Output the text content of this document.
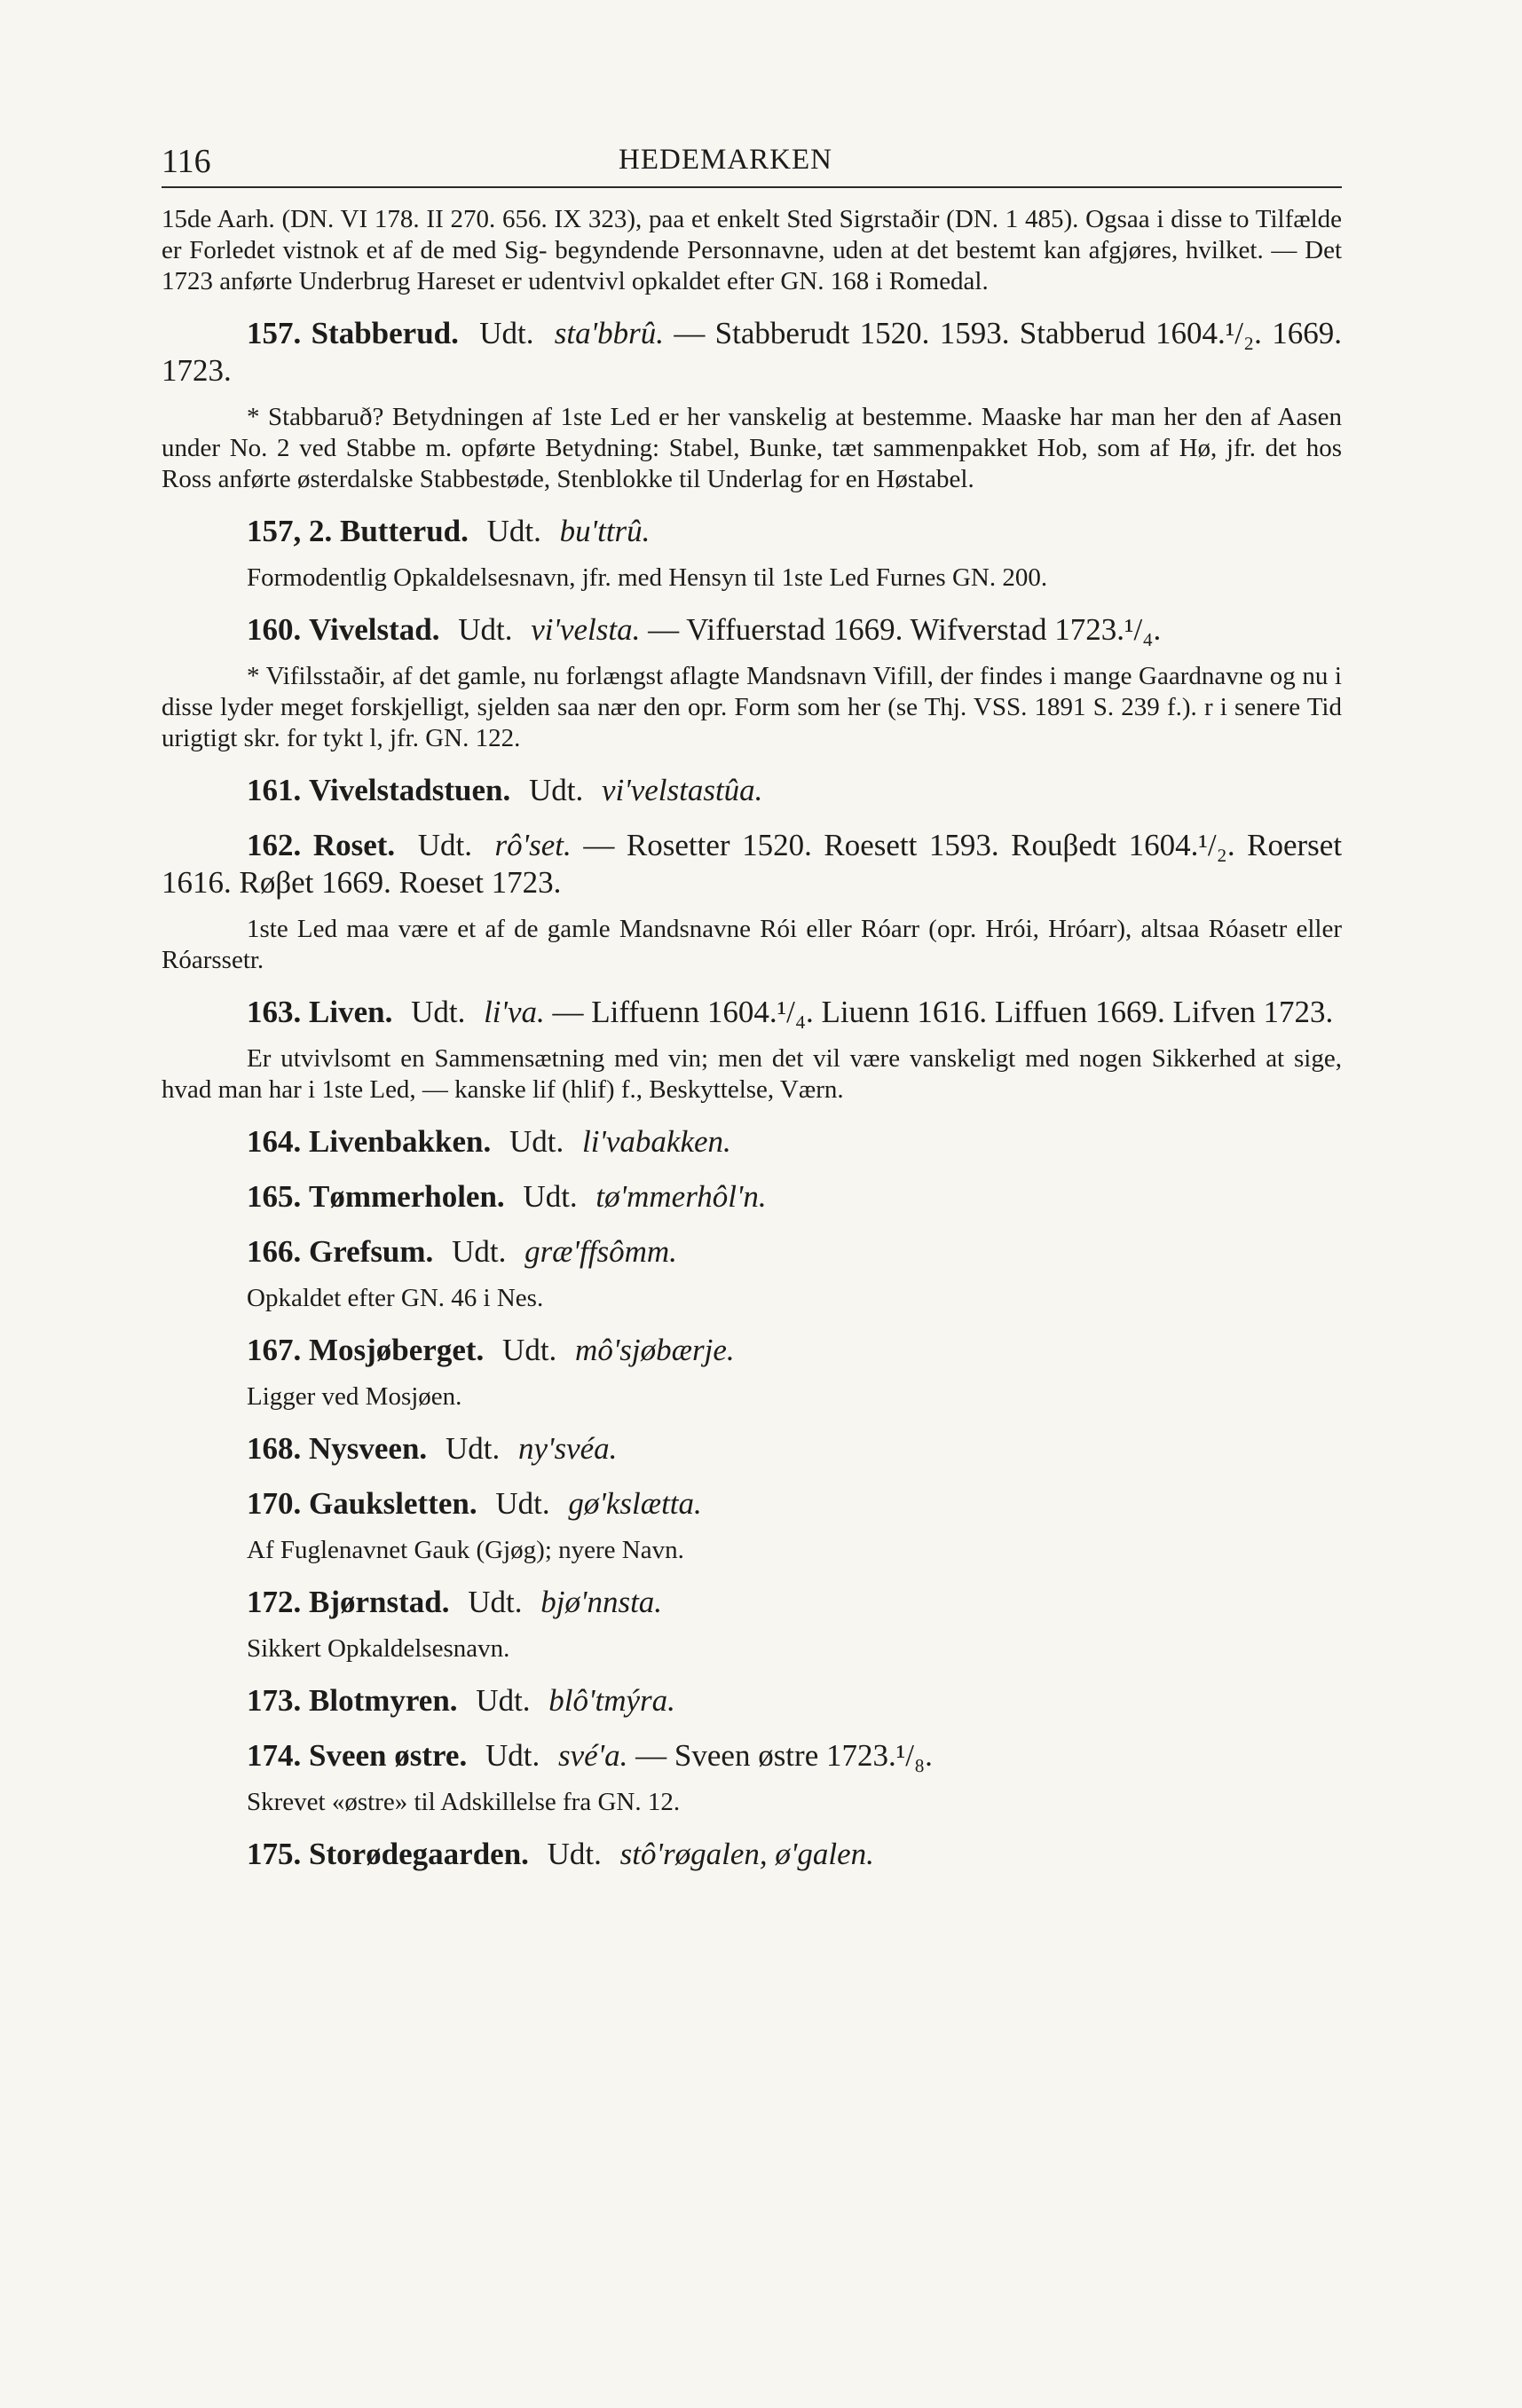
116	HEDEMARKEN

15de Aarh. (DN. VI 178. II 270. 656. IX 323), paa et enkelt Sted Sigrstaðir (DN. 1 485). Ogsaa i disse to Tilfælde er Forledet vistnok et af de med Sig- begyndende Personnavne, uden at det bestemt kan afgjøres, hvilket. — Det 1723 anførte Underbrug Hareset er udentvivl opkaldet efter GN. 168 i Romedal.

157. Stabberud. Udt. sta'bbrû. — Stabberudt 1520. 1593. Stabberud 1604.¹/₂. 1669. 1723.

* Stabbaruð? Betydningen af 1ste Led er her vanskelig at bestemme. Maaske har man her den af Aasen under No. 2 ved Stabbe m. opførte Betydning: Stabel, Bunke, tæt sammenpakket Hob, som af Hø, jfr. det hos Ross anførte østerdalske Stabbestøde, Stenblokke til Underlag for en Høstabel.

157, 2. Butterud. Udt. bu'ttrû.

Formodentlig Opkaldelsesnavn, jfr. med Hensyn til 1ste Led Furnes GN. 200.

160. Vivelstad. Udt. vi'velsta. — Viffuerstad 1669. Wifverstad 1723.¹/₄.

* Vifilsstaðir, af det gamle, nu forlængst aflagte Mandsnavn Vifill, der findes i mange Gaardnavne og nu i disse lyder meget forskjelligt, sjelden saa nær den opr. Form som her (se Thj. VSS. 1891 S. 239 f.). r i senere Tid urigtigt skr. for tykt l, jfr. GN. 122.

161. Vivelstadstuen. Udt. vi'velstastûa.

162. Roset. Udt. rô'set. — Rosetter 1520. Roesett 1593. Rouβedt 1604.¹/₂. Roerset 1616. Røβet 1669. Roeset 1723.

1ste Led maa være et af de gamle Mandsnavne Rói eller Róarr (opr. Hrói, Hróarr), altsaa Róasetr eller Róarssetr.

163. Liven. Udt. li'va. — Liffuenn 1604.¹/₄. Liuenn 1616. Liffuen 1669. Lifven 1723.

Er utvivlsomt en Sammensætning med vin; men det vil være vanskeligt med nogen Sikkerhed at sige, hvad man har i 1ste Led, — kanske lif (hlif) f., Beskyttelse, Værn.

164. Livenbakken. Udt. li'vabakken.

165. Tømmerholen. Udt. tø'mmerhôl'n.

166. Grefsum. Udt. græ'ffsômm.

Opkaldet efter GN. 46 i Nes.

167. Mosjøberget. Udt. mô'sjøbærje.

Ligger ved Mosjøen.

168. Nysveen. Udt. ny'svéa.

170. Gauksletten. Udt. gø'kslætta.

Af Fuglenavnet Gauk (Gjøg); nyere Navn.

172. Bjørnstad. Udt. bjø'nnsta.

Sikkert Opkaldelsesnavn.

173. Blotmyren. Udt. blô'tmýra.

174. Sveen østre. Udt. své'a. — Sveen østre 1723.¹/₈.

Skrevet «østre» til Adskillelse fra GN. 12.

175. Storødegaarden. Udt. stô'røgalen, ø'galen.
